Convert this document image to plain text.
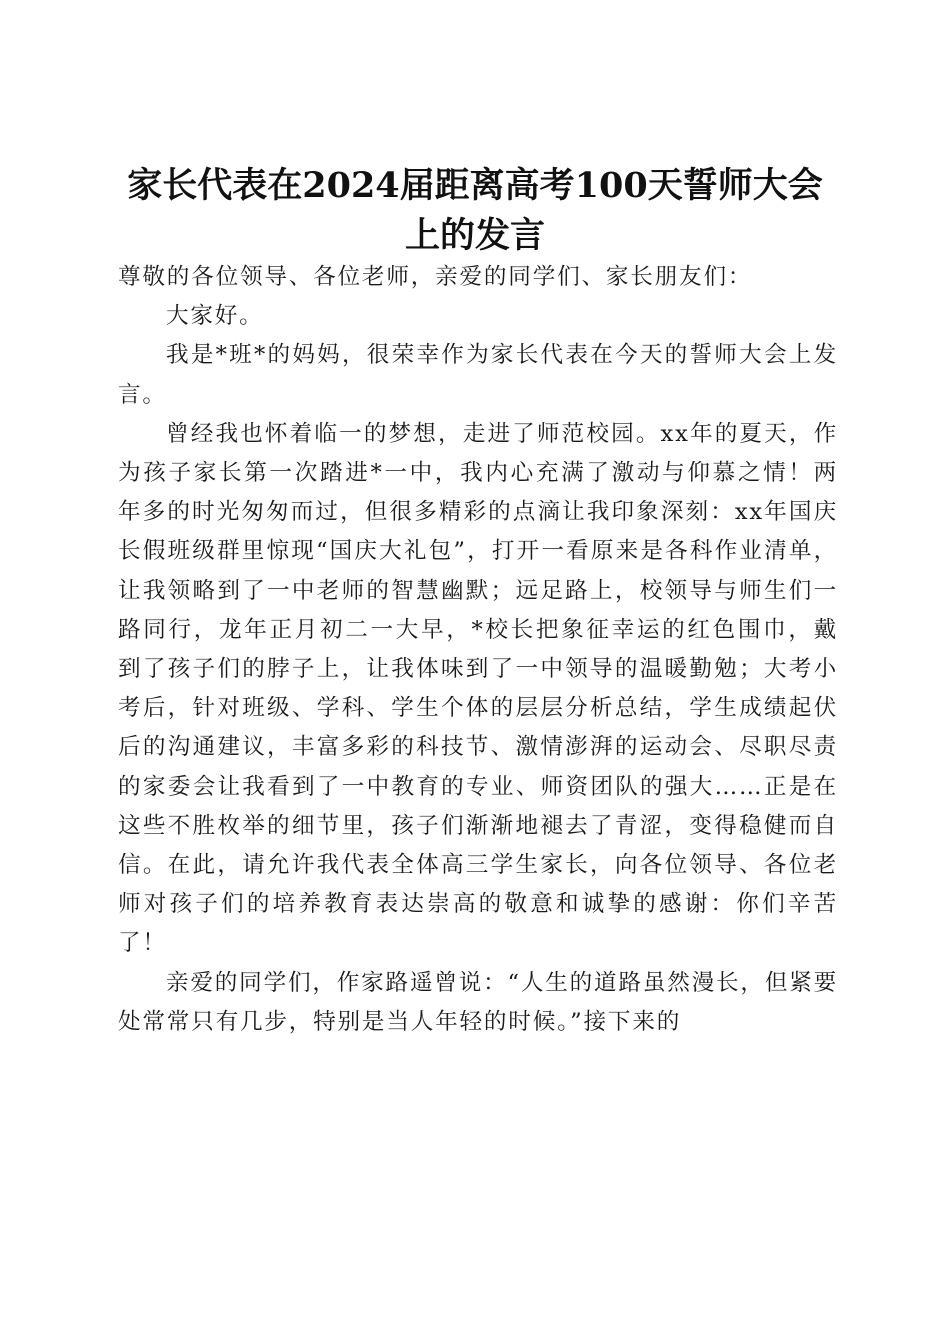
家长代表在2024届距离高考100天誓师大会
上的发言

尊敬的各位领导、各位老师，亲爱的同学们、家长朋友们：

大家好。

我是*班*的妈妈，很荣幸作为家长代表在今天的誓师大会上发言。

曾经我也怀着临一的梦想，走进了师范校园。xx年的夏天，作为孩子家长第一次踏进*一中，我内心充满了激动与仰慕之情！两年多的时光匆匆而过，但很多精彩的点滴让我印象深刻：xx年国庆长假班级群里惊现“国庆大礼包”，打开一看原来是各科作业清单，让我领略到了一中老师的智慧幽默；远足路上，校领导与师生们一路同行，龙年正月初二一大早，*校长把象征幸运的红色围巾，戴到了孩子们的脖子上，让我体味到了一中领导的温暖勤勉；大考小考后，针对班级、学科、学生个体的层层分析总结，学生成绩起伏后的沟通建议，丰富多彩的科技节、激情澎湃的运动会、尽职尽责的家委会让我看到了一中教育的专业、师资团队的强大……正是在这些不胜枚举的细节里，孩子们渐渐地褪去了青涩，变得稳健而自信。在此，请允许我代表全体高三学生家长，向各位领导、各位老师对孩子们的培养教育表达崇高的敬意和诚挚的感谢：你们辛苦了！

亲爱的同学们，作家路遥曾说：“人生的道路虽然漫长，但紧要处常常只有几步，特别是当人年轻的时候。”接下来的
